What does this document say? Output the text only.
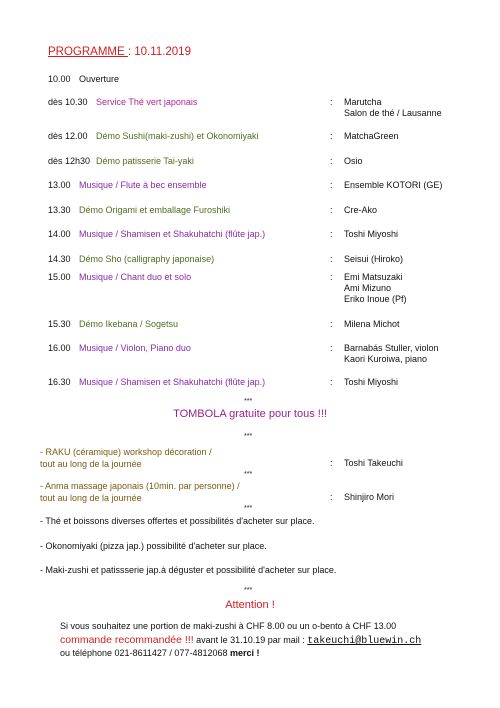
PROGRAMME : 10.11.2019
10.00 Ouverture
dès 10.30 Service Thé vert japonais	: Marutcha
Salon de thé / Lausanne
dès 12.00 Démo Sushi(maki-zushi) et Okonomiyaki	: MatchaGreen
dès 12h30 Démo patisserie Tai-yaki	: Osio
13.00 Musique / Flute à bec ensemble	: Ensemble KOTORI (GE)
13.30 Démo Origami et emballage Furoshiki	: Cre-Ako
14.00 Musique / Shamisen et Shakuhatchi (flûte jap.)	: Toshi Miyoshi
14.30 Démo Sho (calligraphy japonaise)	: Seisui (Hiroko)
15.00 Musique / Chant duo et solo	: Emi Matsuzaki
Ami Mizuno
Eriko Inoue (Pf)
15.30 Démo Ikebana / Sogetsu	: Milena Michot
16.00 Musique / Violon, Piano duo	: Barnabás Stuller, violon
Kaori Kuroiwa, piano
16.30 Musique / Shamisen et Shakuhatchi (flûte jap.)	: Toshi Miyoshi
***
TOMBOLA gratuite pour tous !!!
***
- RAKU (céramique) workshop décoration /
tout au long de la journée	: Toshi Takeuchi
***
- Anma massage japonais (10min. par personne) /
tout au long de la journée	: Shinjiro Mori
***
- Thé et boissons diverses offertes et possibilités d'acheter sur place.
- Okonomiyaki (pizza jap.) possibilité d'acheter sur place.
- Maki-zushi et patissserie jap.à déguster et possibilité d'acheter sur place.
***
Attention !
Si vous souhaitez une portion de maki-zushi à CHF 8.00 ou un o-bento à CHF 13.00
commande recommandée !!! avant le 31.10.19 par mail : takeuchi@bluewin.ch
ou téléphone 021-8611427 / 077-4812068 merci !
